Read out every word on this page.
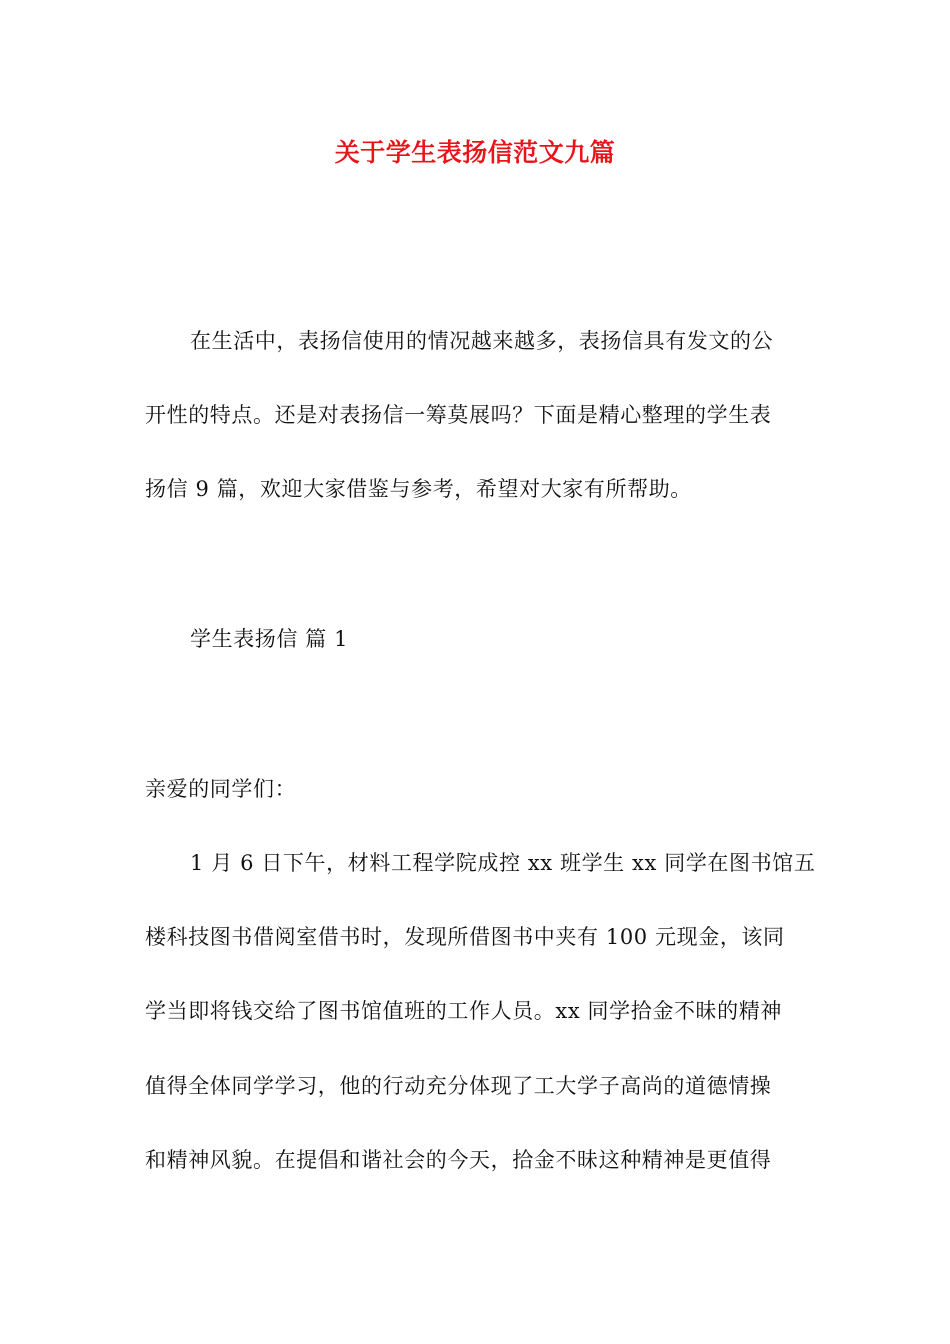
关于学生表扬信范文九篇
在生活中，表扬信使用的情况越来越多，表扬信具有发文的公
开性的特点。还是对表扬信一筹莫展吗？下面是精心整理的学生表
扬信 9 篇，欢迎大家借鉴与参考，希望对大家有所帮助。
学生表扬信 篇 1
亲爱的同学们：
1 月 6 日下午，材料工程学院成控 xx 班学生 xx 同学在图书馆五
楼科技图书借阅室借书时，发现所借图书中夹有 100 元现金，该同
学当即将钱交给了图书馆值班的工作人员。xx 同学拾金不昧的精神
值得全体同学学习，他的行动充分体现了工大学子高尚的道德情操
和精神风貌。在提倡和谐社会的今天，拾金不昧这种精神是更值得
